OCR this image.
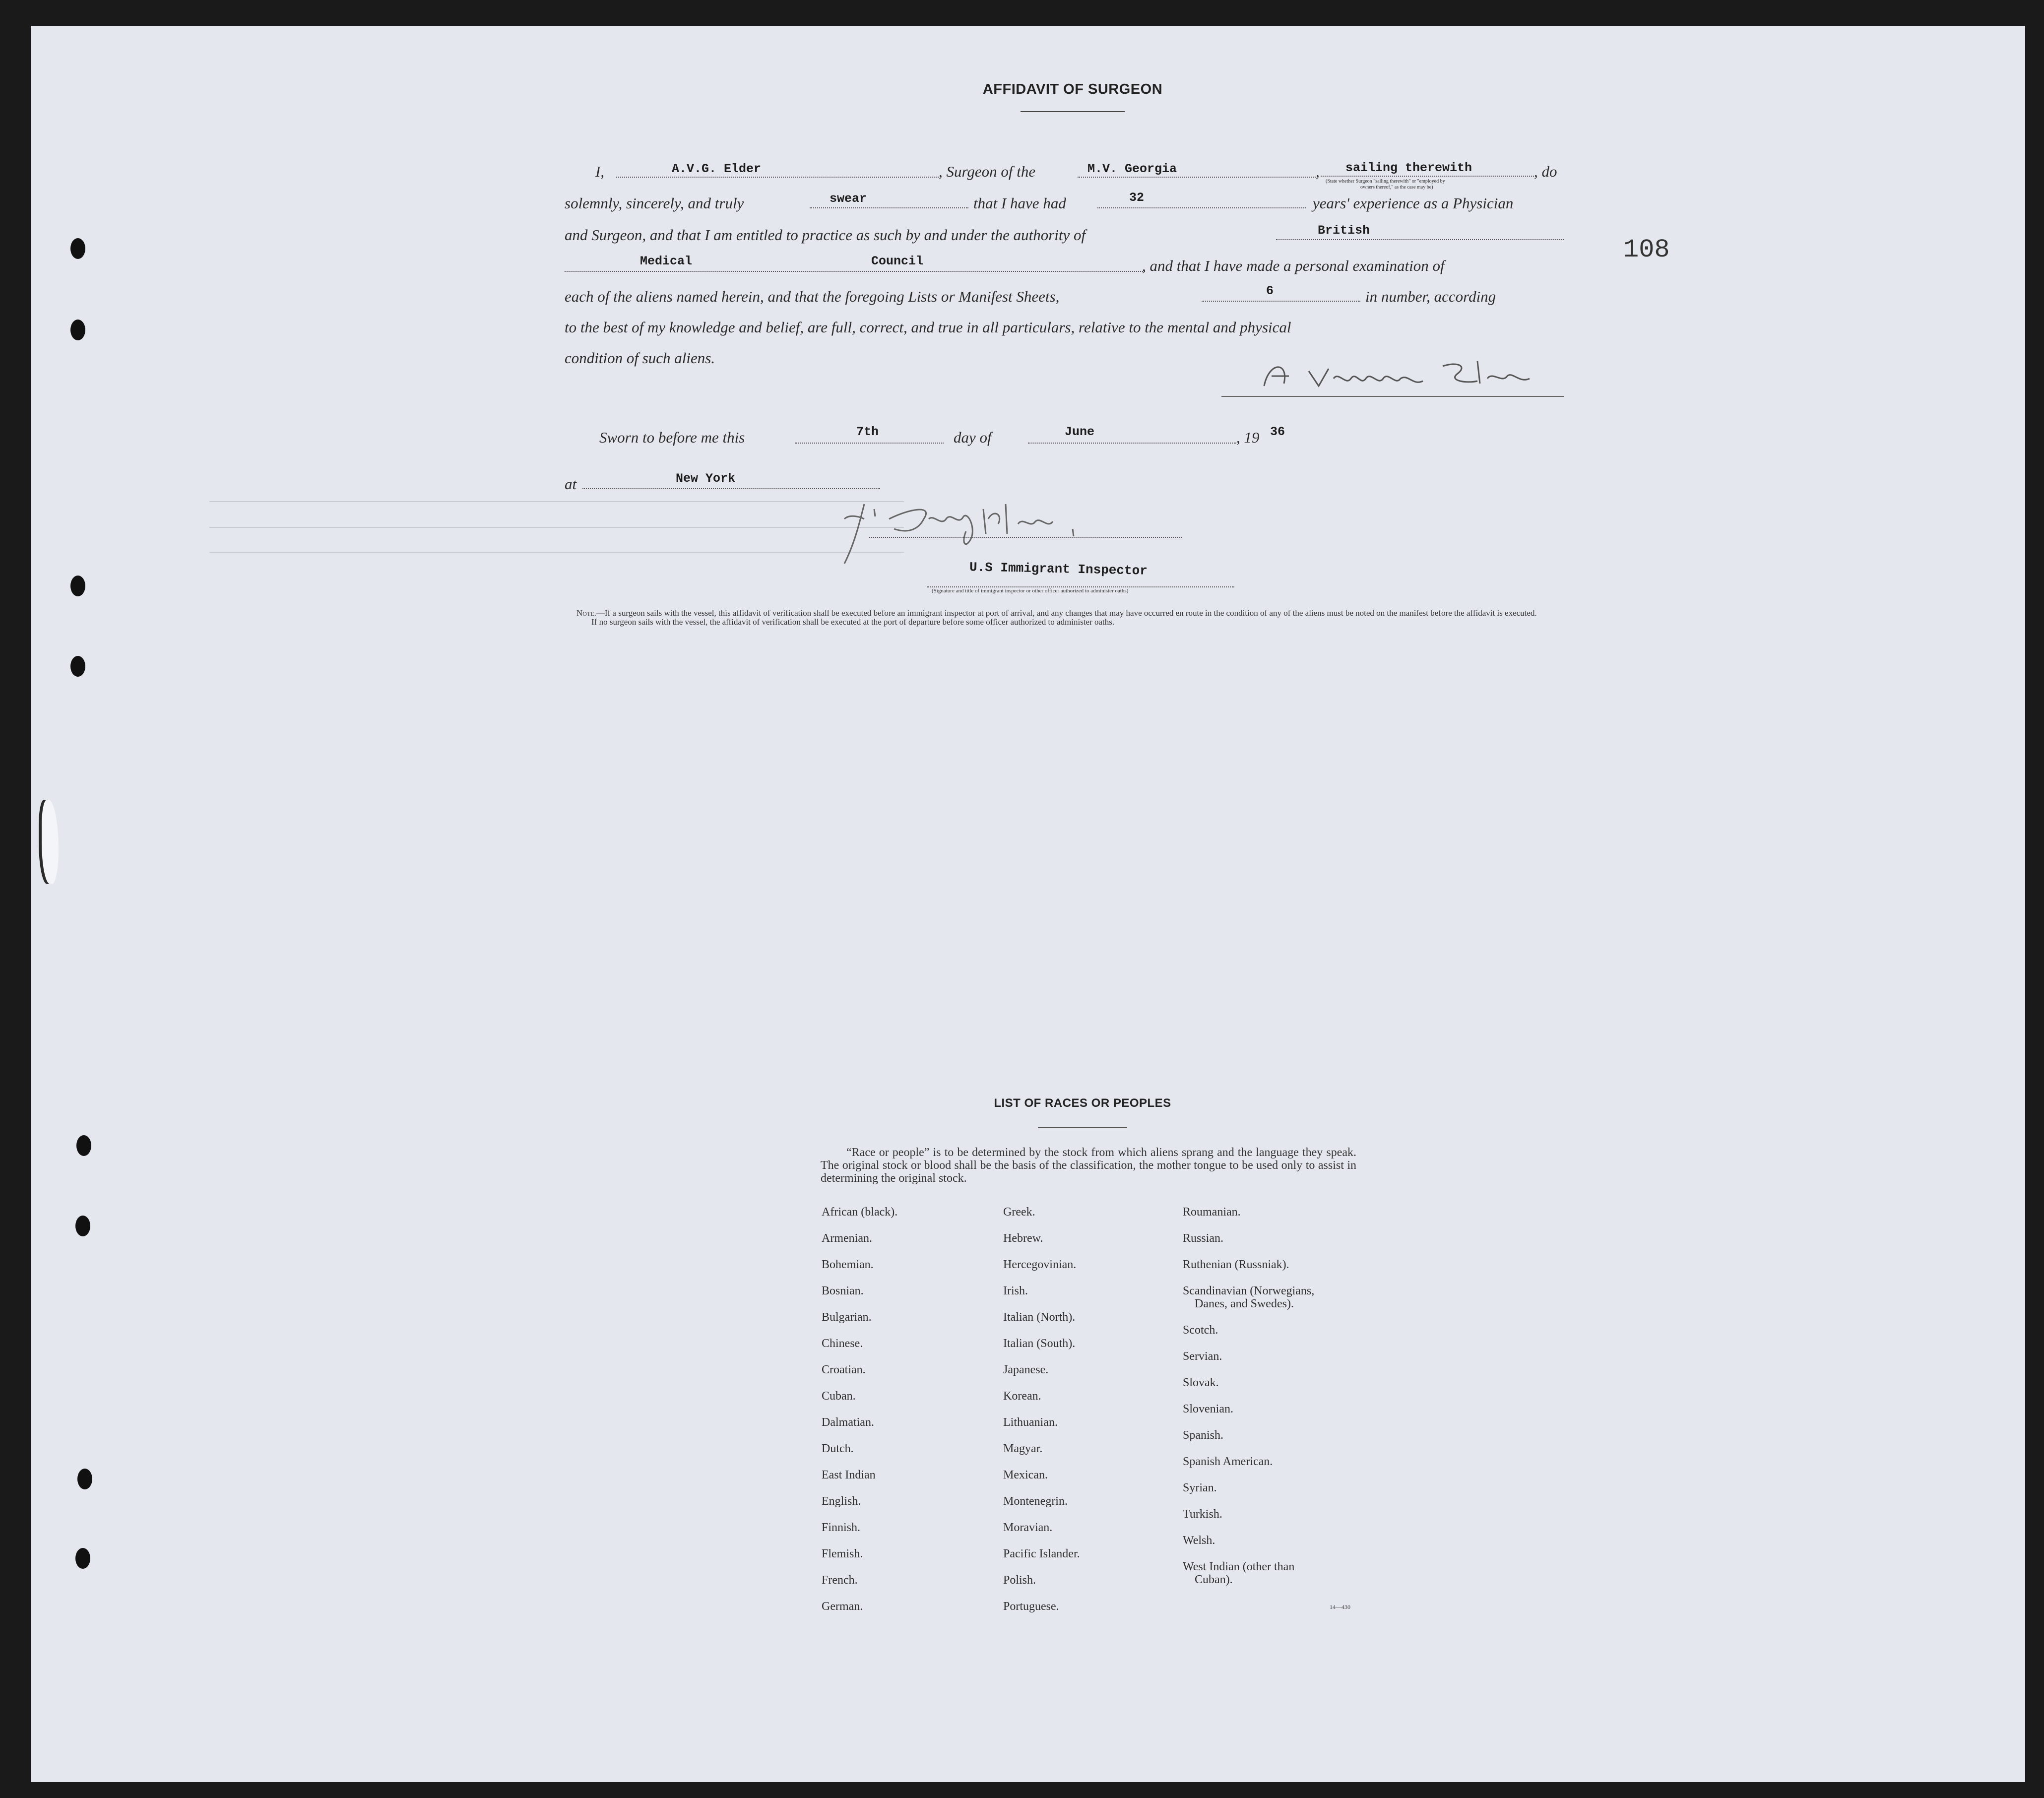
AFFIDAVIT OF SURGEON
108
I,	A.V.G. Elder	, Surgeon of the	M.V. Georgia	, sailing therewith	, do
(State whether Surgeon "sailing therewith" or "employed by
owners thereof," as the case may be)
solemnly, sincerely, and truly	swear	that I have had	32	years' experience as a Physician
and Surgeon, and that I am entitled to practice as such by and under the authority of	British
Medical	Council	, and that I have made a personal examination of
each of the aliens named herein, and that the foregoing Lists or Manifest Sheets,	6	in number, according
to the best of my knowledge and belief, are full, correct, and true in all particulars, relative to the mental and physical
condition of such aliens.
Sworn to before me this	7th	day of	June	, 19 36
at	New York
U.S Immigrant Inspector
(Signature and title of immigrant inspector or other officer authorized to administer oaths)
Note.—If a surgeon sails with the vessel, this affidavit of verification shall be executed before an immigrant inspector at port of arrival, and any changes that may have occurred en route in the condition of any of the aliens must be noted on the manifest before the affidavit is executed.
If no surgeon sails with the vessel, the affidavit of verification shall be executed at the port of departure before some officer authorized to administer oaths.
LIST OF RACES OR PEOPLES
“Race or people” is to be determined by the stock from which aliens sprang and the language they speak. The original stock or blood shall be the basis of the classification, the mother tongue to be used only to assist in determining the original stock.
African (black).
Armenian.
Bohemian.
Bosnian.
Bulgarian.
Chinese.
Croatian.
Cuban.
Dalmatian.
Dutch.
East Indian
English.
Finnish.
Flemish.
French.
German.
Greek.
Hebrew.
Hercegovinian.
Irish.
Italian (North).
Italian (South).
Japanese.
Korean.
Lithuanian.
Magyar.
Mexican.
Montenegrin.
Moravian.
Pacific Islander.
Polish.
Portuguese.
Roumanian.
Russian.
Ruthenian (Russniak).
Scandinavian (Norwegians,
Danes, and Swedes).
Scotch.
Servian.
Slovak.
Slovenian.
Spanish.
Spanish American.
Syrian.
Turkish.
Welsh.
West Indian (other than
Cuban).
14—430
